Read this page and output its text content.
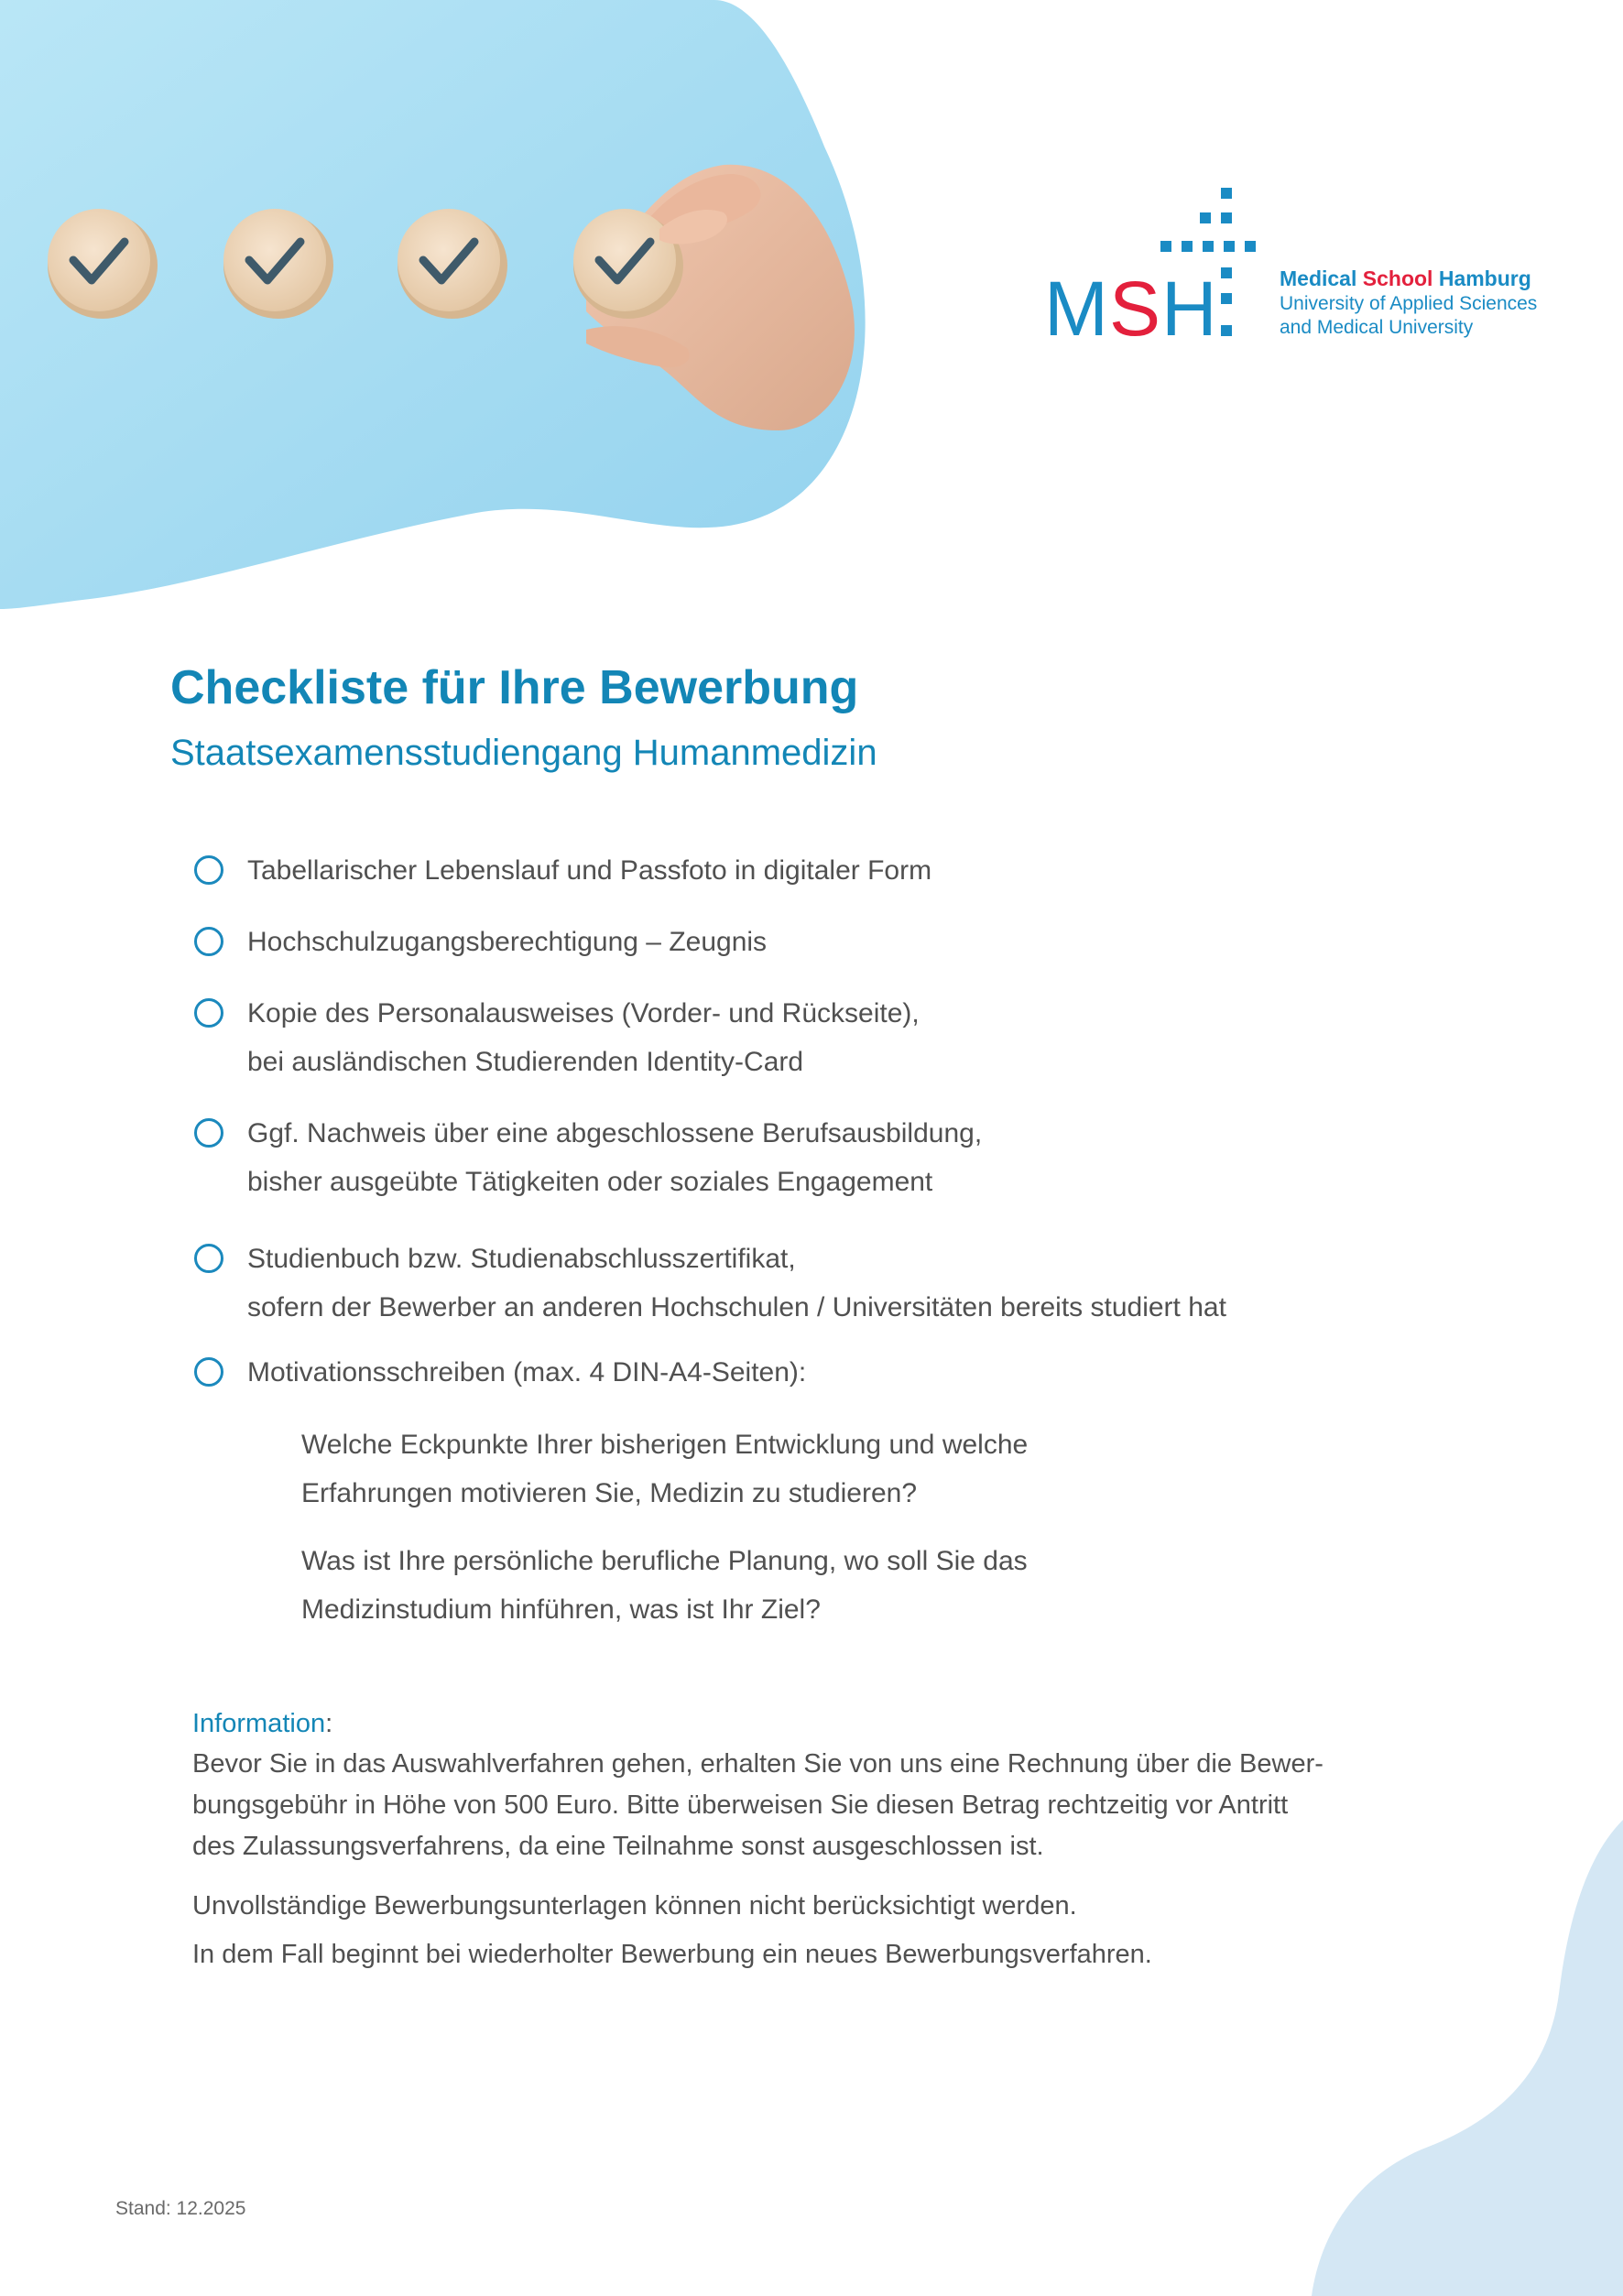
MSH	Medical School Hamburg
University of Applied Sciences
and Medical University
Checkliste für Ihre Bewerbung
Staatsexamensstudiengang Humanmedizin
Tabellarischer Lebenslauf und Passfoto in digitaler Form
Hochschulzugangsberechtigung – Zeugnis
Kopie des Personalausweises (Vorder- und Rückseite),
bei ausländischen Studierenden Identity-Card
Ggf. Nachweis über eine abgeschlossene Berufsausbildung,
bisher ausgeübte Tätigkeiten oder soziales Engagement
Studienbuch bzw. Studienabschlusszertifikat,
sofern der Bewerber an anderen Hochschulen / Universitäten bereits studiert hat
Motivationsschreiben (max. 4 DIN-A4-Seiten):
Welche Eckpunkte Ihrer bisherigen Entwicklung und welche
Erfahrungen motivieren Sie, Medizin zu studieren?
Was ist Ihre persönliche berufliche Planung, wo soll Sie das
Medizinstudium hinführen, was ist Ihr Ziel?
Information:
Bevor Sie in das Auswahlverfahren gehen, erhalten Sie von uns eine Rechnung über die Bewer-
bungsgebühr in Höhe von 500 Euro. Bitte überweisen Sie diesen Betrag rechtzeitig vor Antritt
des Zulassungsverfahrens, da eine Teilnahme sonst ausgeschlossen ist.
Unvollständige Bewerbungsunterlagen können nicht berücksichtigt werden.
In dem Fall beginnt bei wiederholter Bewerbung ein neues Bewerbungsverfahren.
Stand: 12.2025
